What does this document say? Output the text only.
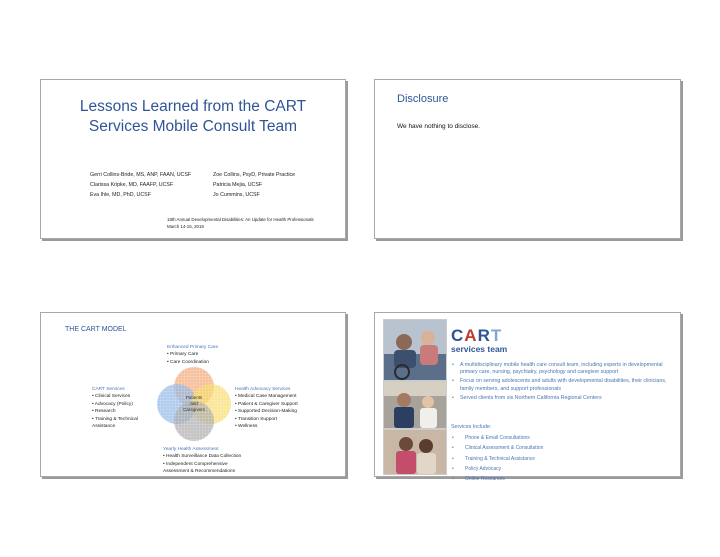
Lessons Learned from the CART Services Mobile Consult Team
Gerri Collins-Bride, MS, ANP, FAAN, UCSF
Clarissa Kripke, MD, FAAFP, UCSF
Eva Ihle, MD, PhD, UCSF
Zoe Collins, PsyD, Private Practice
Patricia Mejia, UCSF
Jo Cummins, UCSF
18th Annual Developmental Disabilities: An Update for Health Professionals
March 14-15, 2019
Disclosure
We have nothing to disclose.
THE CART MODEL
Patients
and
Caregivers
Enhanced Primary Care
• Primary Care
• Care Coordination
CART Services
• Clinical Services
• Advocacy (Policy)
• Research
• Training & Technical Assistance
Health Advocacy Services
• Medical Case Management
• Patient & Caregiver Support
• Supported Decision-Making
• Transition Support
• Wellness
Yearly Health Assessment
• Health Surveillance Data Collection
• Independent Comprehensive Assessment & Recommendations
CART
services team
• A multidisciplinary mobile health care consult team, including experts in developmental primary care, nursing, psychiatry, psychology and caregiver support
• Focus on serving adolescents and adults with developmental disabilities, their clinicians, family members, and support professionals
• Served clients from six Northern California Regional Centers
Services Include:
• Phone & Email Consultations
• Clinical Assessment & Consultation
• Training & Technical Assistance
• Policy Advocacy
• Online Resources
